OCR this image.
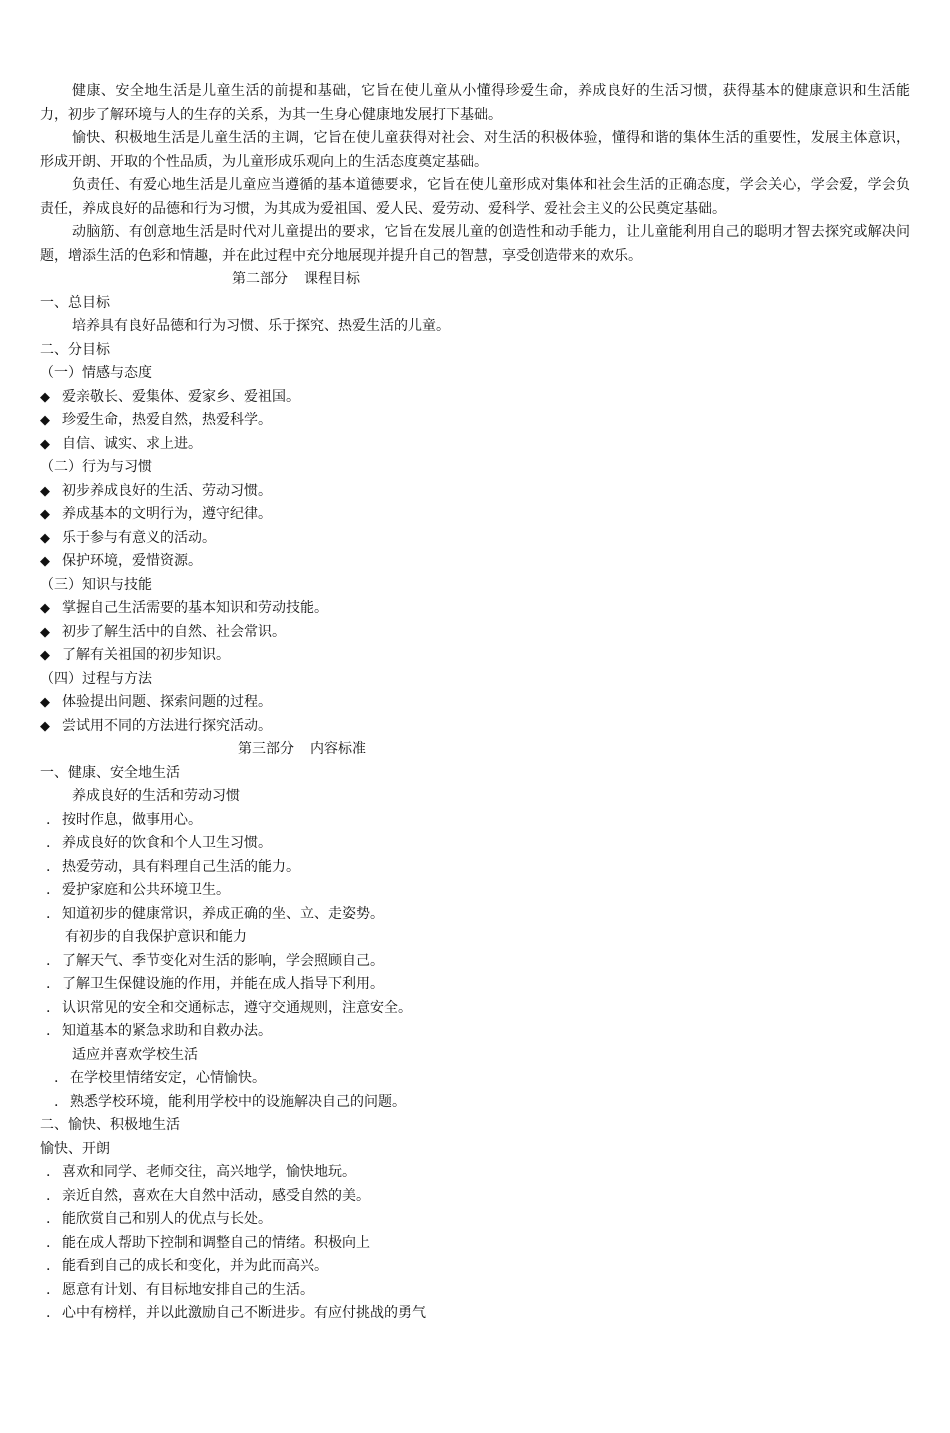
健康、安全地生活是儿童生活的前提和基础，它旨在使儿童从小懂得珍爱生命，养成良好的生活习惯，获得基本的健康意识和生活能力，初步了解环境与人的生存的关系，为其一生身心健康地发展打下基础。

愉快、积极地生活是儿童生活的主调，它旨在使儿童获得对社会、对生活的积极体验，懂得和谐的集体生活的重要性，发展主体意识，形成开朗、开取的个性品质，为儿童形成乐观向上的生活态度奠定基础。

负责任、有爱心地生活是儿童应当遵循的基本道德要求，它旨在使儿童形成对集体和社会生活的正确态度，学会关心，学会爱，学会负责任，养成良好的品德和行为习惯，为其成为爱祖国、爱人民、爱劳动、爱科学、爱社会主义的公民奠定基础。

动脑筋、有创意地生活是时代对儿童提出的要求，它旨在发展儿童的创造性和动手能力，让儿童能利用自己的聪明才智去探究或解决问题，增添生活的色彩和情趣，并在此过程中充分地展现并提升自己的智慧，享受创造带来的欢乐。

第二部分 课程目标
一、总目标
培养具有良好品德和行为习惯、乐于探究、热爱生活的儿童。
二、分目标
（一）情感与态度
◆ 爱亲敬长、爱集体、爱家乡、爱祖国。
◆ 珍爱生命，热爱自然，热爱科学。
◆ 自信、诚实、求上进。
（二）行为与习惯
◆ 初步养成良好的生活、劳动习惯。
◆ 养成基本的文明行为，遵守纪律。
◆ 乐于参与有意义的活动。
◆ 保护环境，爱惜资源。
（三）知识与技能
◆ 掌握自己生活需要的基本知识和劳动技能。
◆ 初步了解生活中的自然、社会常识。
◆ 了解有关祖国的初步知识。
（四）过程与方法
◆ 体验提出问题、探索问题的过程。
◆ 尝试用不同的方法进行探究活动。
第三部分 内容标准
一、健康、安全地生活
养成良好的生活和劳动习惯
. 按时作息，做事用心。
. 养成良好的饮食和个人卫生习惯。
. 热爱劳动，具有料理自己生活的能力。
. 爱护家庭和公共环境卫生。
. 知道初步的健康常识，养成正确的坐、立、走姿势。
有初步的自我保护意识和能力
. 了解天气、季节变化对生活的影响，学会照顾自己。
. 了解卫生保健设施的作用，并能在成人指导下利用。
. 认识常见的安全和交通标志，遵守交通规则，注意安全。
. 知道基本的紧急求助和自救办法。
适应并喜欢学校生活
. 在学校里情绪安定，心情愉快。
. 熟悉学校环境，能利用学校中的设施解决自己的问题。
二、愉快、积极地生活
愉快、开朗
. 喜欢和同学、老师交往，高兴地学，愉快地玩。
. 亲近自然，喜欢在大自然中活动，感受自然的美。
. 能欣赏自己和别人的优点与长处。
. 能在成人帮助下控制和调整自己的情绪。积极向上
. 能看到自己的成长和变化，并为此而高兴。
. 愿意有计划、有目标地安排自己的生活。
. 心中有榜样，并以此激励自己不断进步。有应付挑战的勇气
